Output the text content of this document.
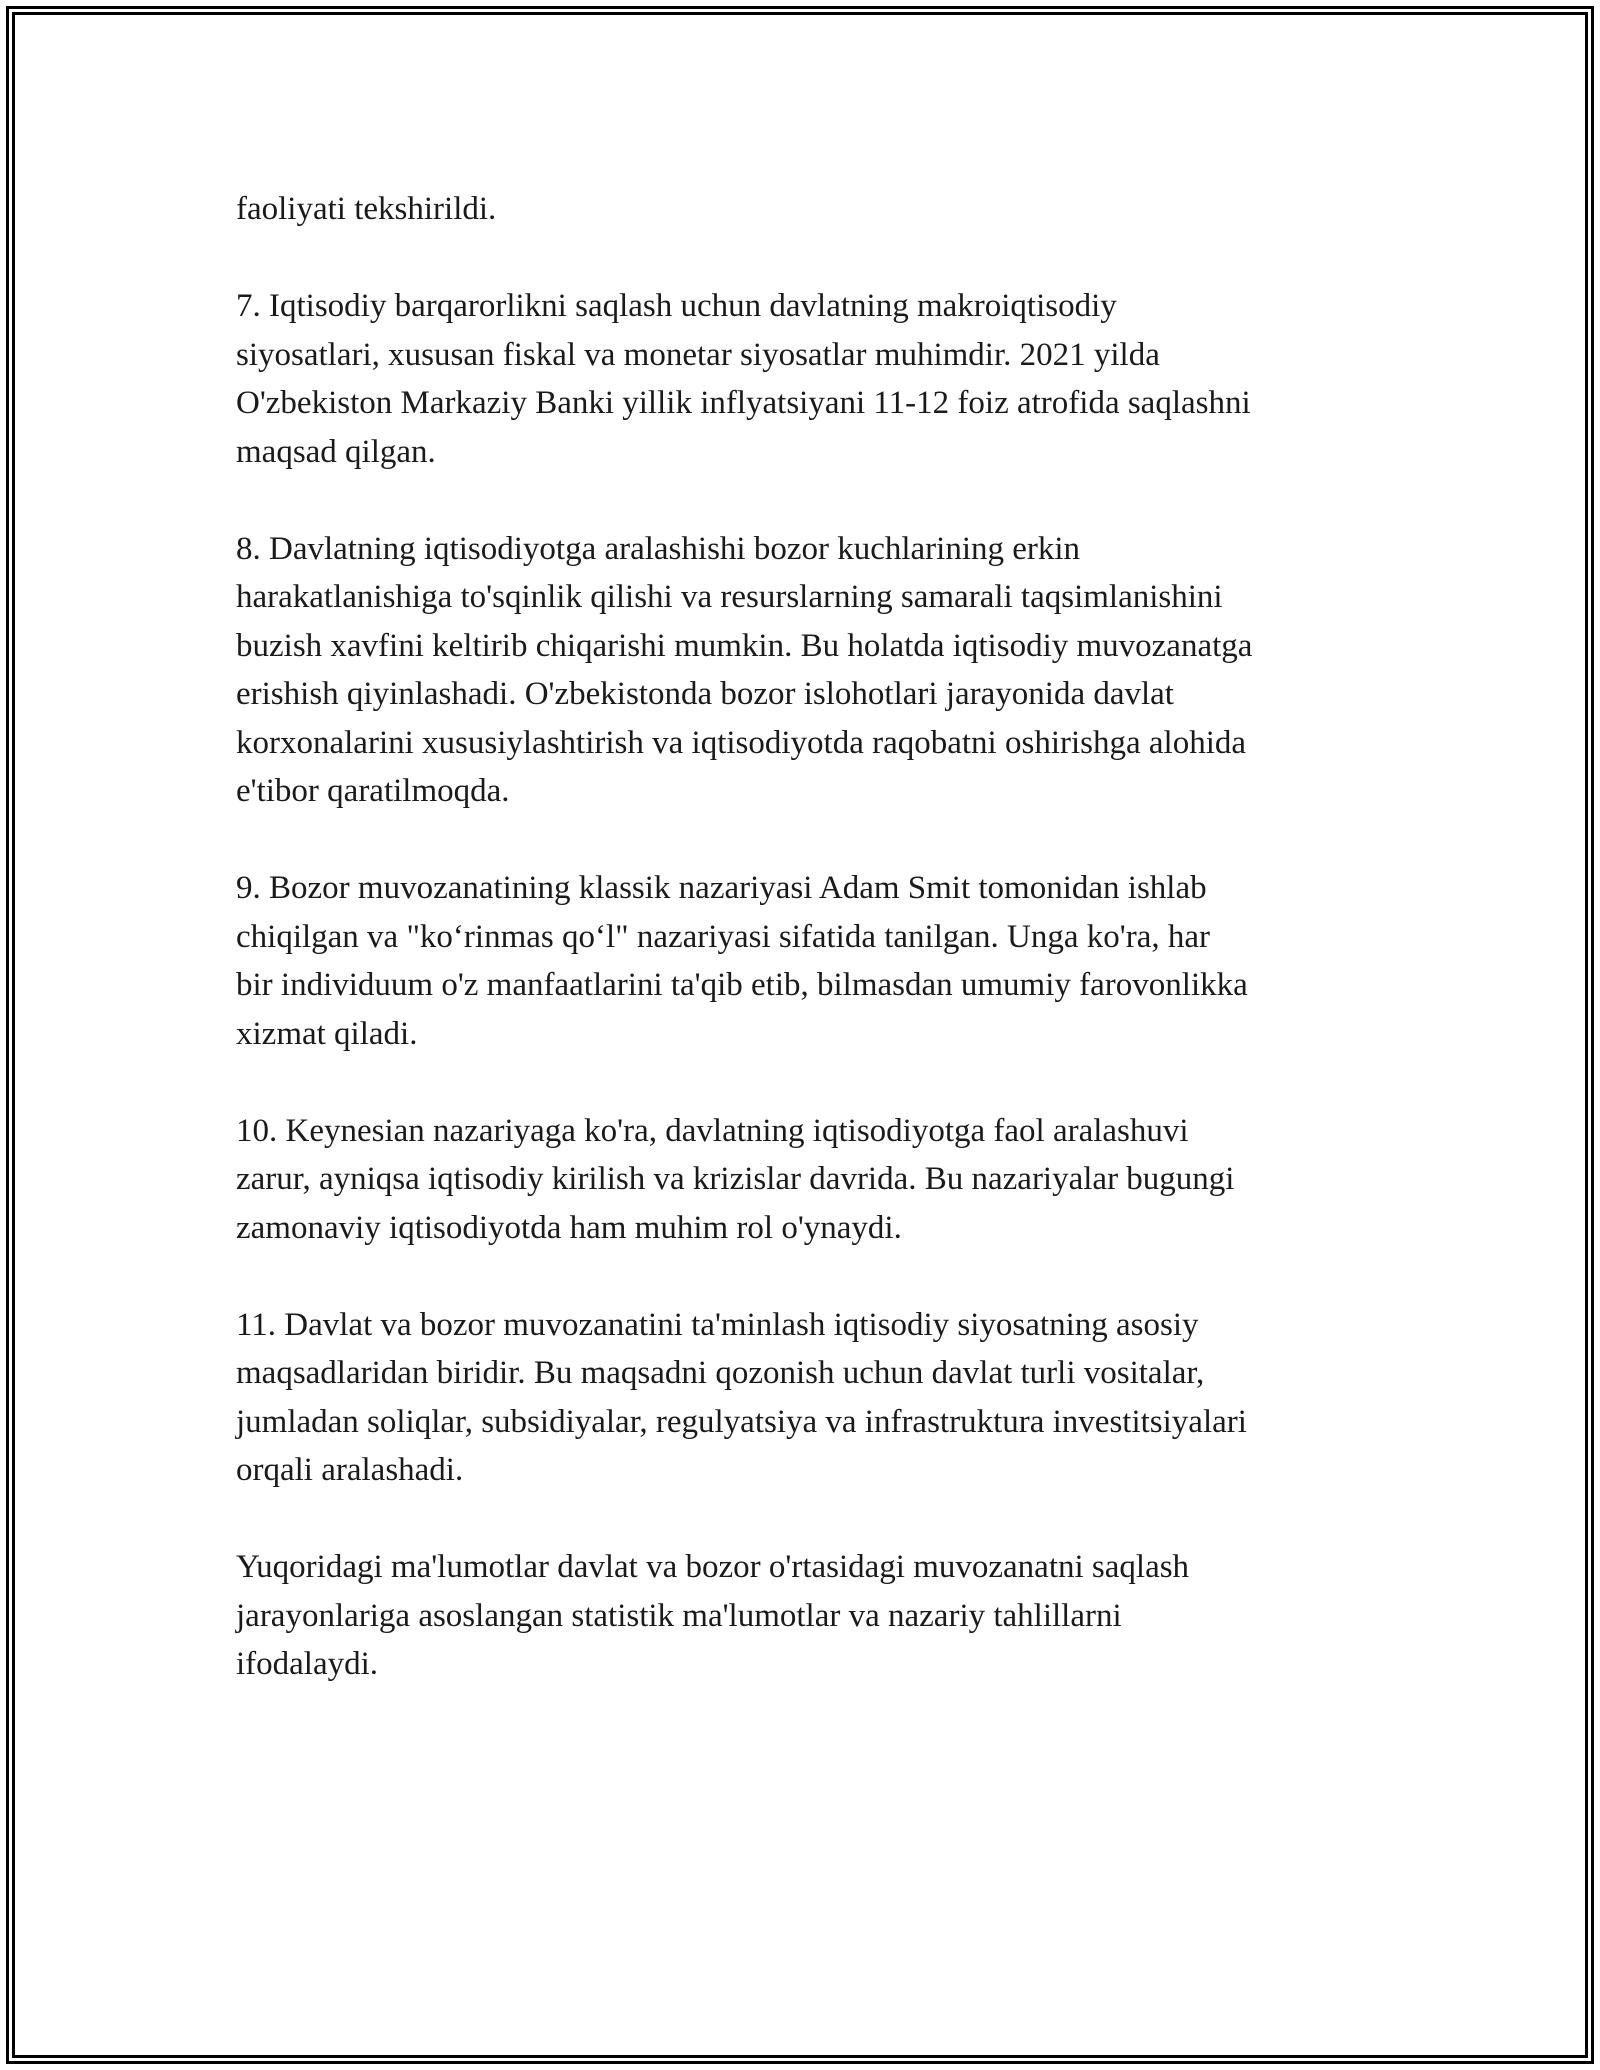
faoliyati tekshirildi.

7. Iqtisodiy barqarorlikni saqlash uchun davlatning makroiqtisodiy
siyosatlari, xususan fiskal va monetar siyosatlar muhimdir. 2021 yilda
O'zbekiston Markaziy Banki yillik inflyatsiyani 11-12 foiz atrofida saqlashni
maqsad qilgan.

8. Davlatning iqtisodiyotga aralashishi bozor kuchlarining erkin
harakatlanishiga to'sqinlik qilishi va resurslarning samarali taqsimlanishini
buzish xavfini keltirib chiqarishi mumkin. Bu holatda iqtisodiy muvozanatga
erishish qiyinlashadi. O'zbekistonda bozor islohotlari jarayonida davlat
korxonalarini xususiylashtirish va iqtisodiyotda raqobatni oshirishga alohida
e'tibor qaratilmoqda.

9. Bozor muvozanatining klassik nazariyasi Adam Smit tomonidan ishlab
chiqilgan va "ko‘rinmas qo‘l" nazariyasi sifatida tanilgan. Unga ko'ra, har
bir individuum o'z manfaatlarini ta'qib etib, bilmasdan umumiy farovonlikka
xizmat qiladi.

10. Keynesian nazariyaga ko'ra, davlatning iqtisodiyotga faol aralashuvi
zarur, ayniqsa iqtisodiy kirilish va krizislar davrida. Bu nazariyalar bugungi
zamonaviy iqtisodiyotda ham muhim rol o'ynaydi.

11. Davlat va bozor muvozanatini ta'minlash iqtisodiy siyosatning asosiy
maqsadlaridan biridir. Bu maqsadni qozonish uchun davlat turli vositalar,
jumladan soliqlar, subsidiyalar, regulyatsiya va infrastruktura investitsiyalari
orqali aralashadi.

Yuqoridagi ma'lumotlar davlat va bozor o'rtasidagi muvozanatni saqlash
jarayonlariga asoslangan statistik ma'lumotlar va nazariy tahlillarni
ifodalaydi.
